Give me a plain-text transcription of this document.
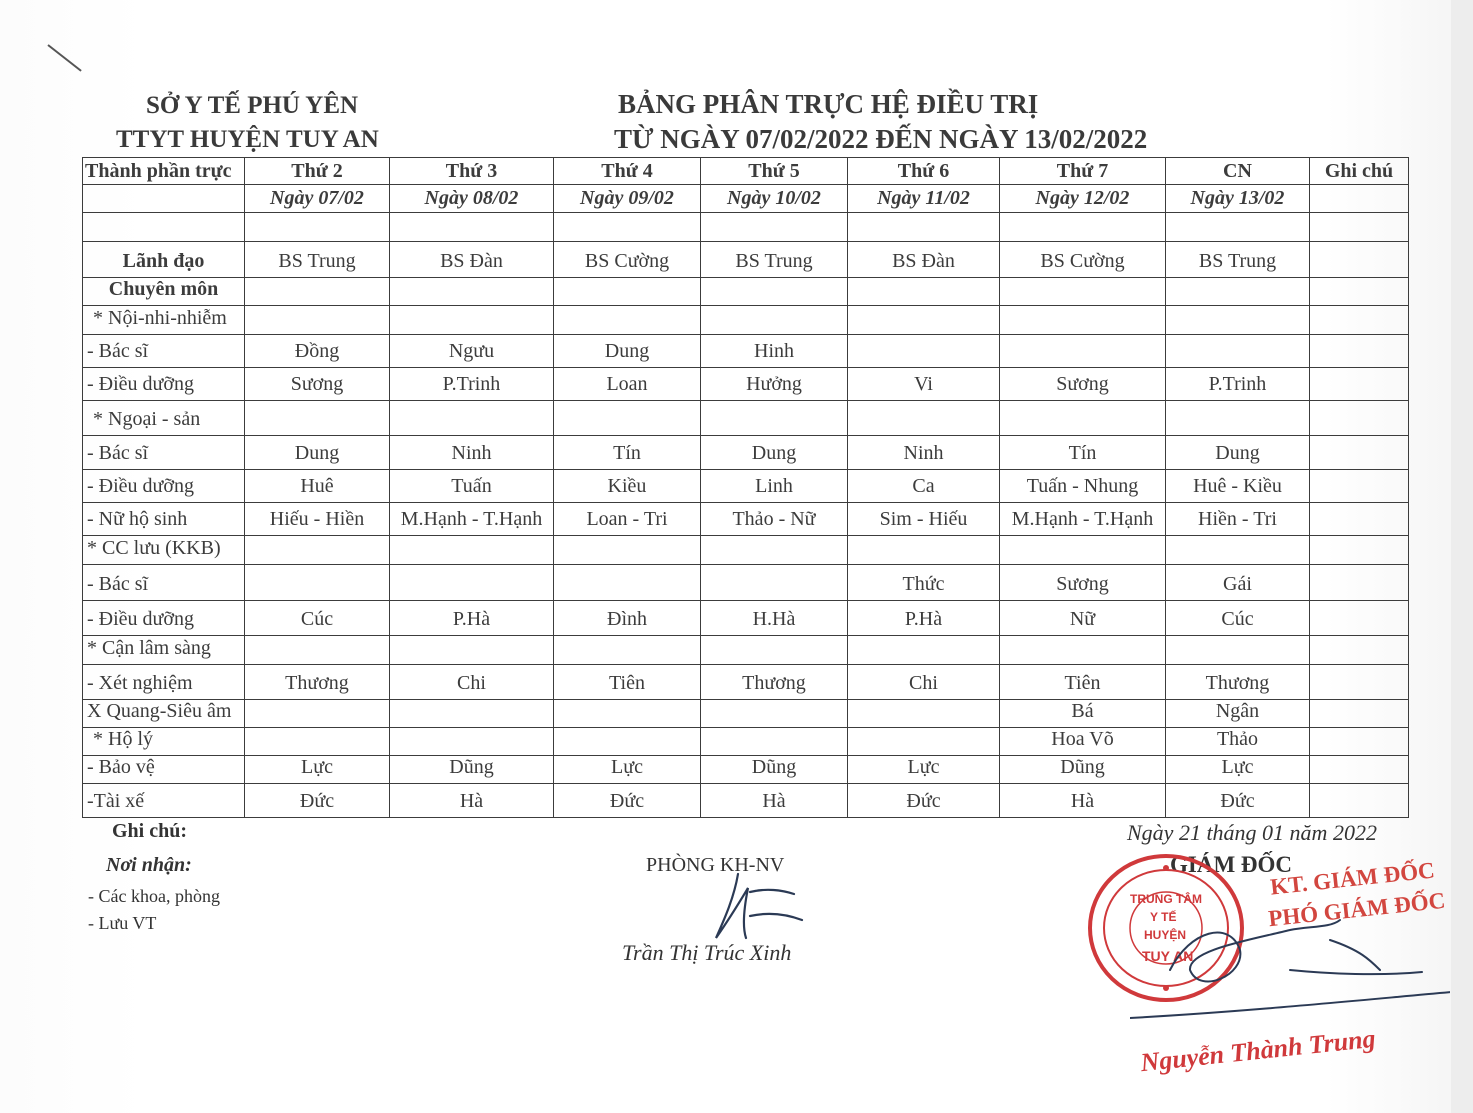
SỞ Y TẾ PHÚ YÊN
TTYT HUYỆN TUY AN
BẢNG PHÂN TRỰC HỆ ĐIỀU TRỊ
TỪ NGÀY 07/02/2022 ĐẾN NGÀY 13/02/2022
Thành phần trực	Thứ 2	Thứ 3	Thứ 4	Thứ 5	Thứ 6	Thứ 7	CN	Ghi chú
	Ngày 07/02	Ngày 08/02	Ngày 09/02	Ngày 10/02	Ngày 11/02	Ngày 12/02	Ngày 13/02	

Lãnh đạo	BS Trung	BS Đàn	BS Cường	BS Trung	BS Đàn	BS Cường	BS Trung	
Chuyên môn								
* Nội-nhi-nhiễm								
- Bác sĩ	Đồng	Ngưu	Dung	Hinh				
- Điều dưỡng	Sương	P.Trinh	Loan	Hưởng	Vi	Sương	P.Trinh	
* Ngoại - sản								
- Bác sĩ	Dung	Ninh	Tín	Dung	Ninh	Tín	Dung	
- Điều dưỡng	Huê	Tuấn	Kiều	Linh	Ca	Tuấn - Nhung	Huê - Kiều	
- Nữ hộ sinh	Hiếu - Hiền	M.Hạnh - T.Hạnh	Loan - Tri	Thảo - Nữ	Sim - Hiếu	M.Hạnh - T.Hạnh	Hiền - Tri	
* CC lưu (KKB)								
- Bác sĩ					Thức	Sương	Gái	
- Điều dưỡng	Cúc	P.Hà	Đình	H.Hà	P.Hà	Nữ	Cúc	
* Cận lâm sàng								
- Xét nghiệm	Thương	Chi	Tiên	Thương	Chi	Tiên	Thương	
X Quang-Siêu âm						Bá	Ngân	
* Hộ lý						Hoa Võ	Thảo	
- Bảo vệ	Lực	Dũng	Lực	Dũng	Lực	Dũng	Lực	
-Tài xế	Đức	Hà	Đức	Hà	Đức	Hà	Đức	
Ghi chú:
Nơi nhận:
- Các khoa, phòng
- Lưu VT
PHÒNG KH-NV
Trần Thị Trúc Xinh
Ngày 21 tháng 01 năm 2022
GIÁM ĐỐC
KT. GIÁM ĐỐC
PHÓ GIÁM ĐỐC
TRUNG TÂM
Y TẾ
HUYỆN
TUY AN
Nguyễn Thành Trung
